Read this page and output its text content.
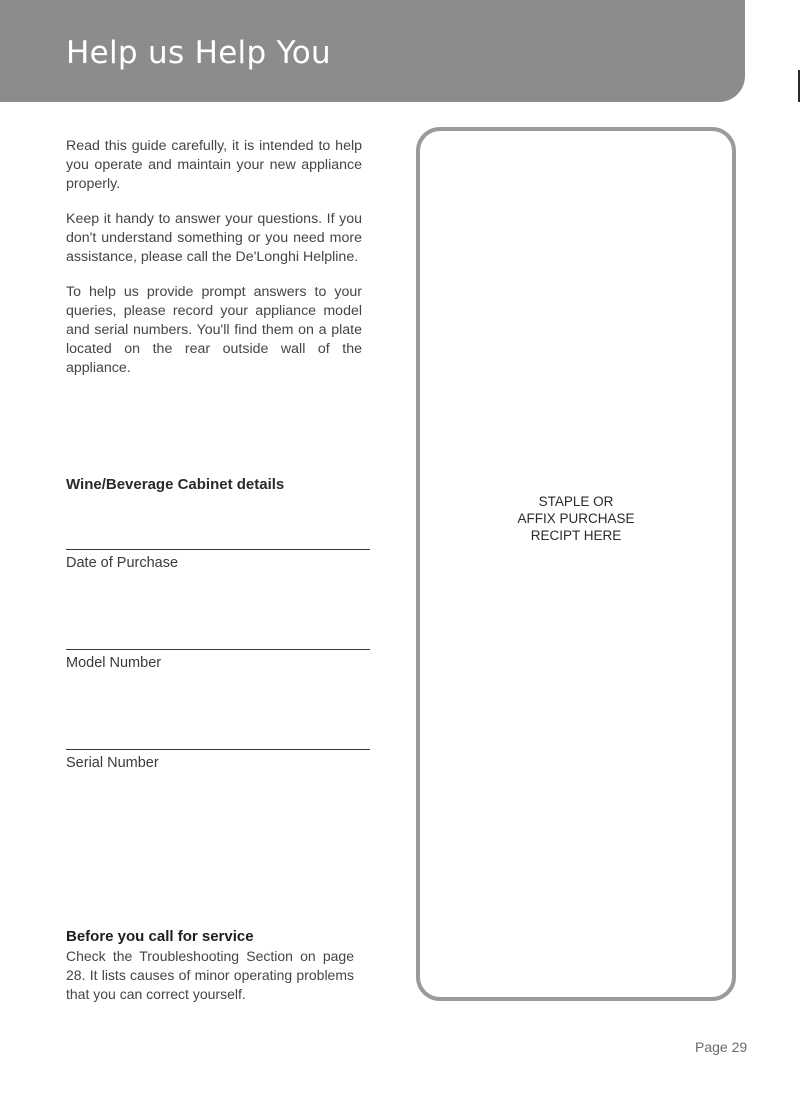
Help us Help You

Read this guide carefully, it is intended to help you operate and maintain your new appliance properly.

Keep it handy to answer your questions. If you don't understand something or you need more assistance, please call the De'Longhi Helpline.

To help us provide prompt answers to your queries, please record your appliance model and serial numbers. You'll find them on a plate located on the rear outside wall of the appliance.

Wine/Beverage Cabinet details
Date of Purchase
Model Number
Serial Number
Before you call for service

Check the Troubleshooting Section on page 28. It lists causes of minor operating problems that you can correct yourself.

STAPLE OR
AFFIX PURCHASE
RECIPT HERE
Page 29
